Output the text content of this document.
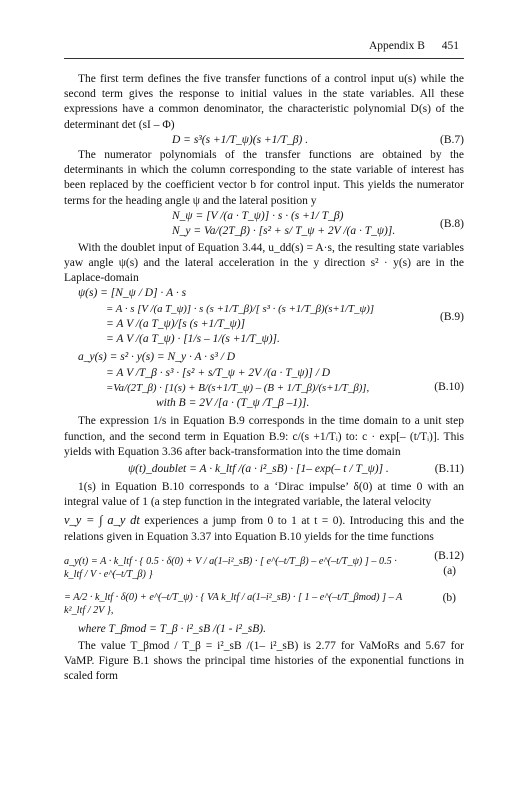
Appendix B 451

The first term defines the five transfer functions of a control input u(s) while the second term gives the response to initial values in the state variables. All these expressions have a common denominator, the characteristic polynomial D(s) of the determinant det (sI – Φ)

D = s³(s +1/T_ψ)(s +1/T_β) .	(B.7)

The numerator polynomials of the transfer functions are obtained by the determinants in which the column corresponding to the state variable of interest has been replaced by the coefficient vector b for control input. This yields the numerator terms for the heading angle ψ and the lateral position y

N_ψ = [V /(a · T_ψ)] · s · (s +1/ T_β)
N_y = Va/(2T_β) · [s² + s/ T_ψ + 2V /(a · T_ψ)].
(B.8)

With the doublet input of Equation 3.44, u_dd(s) = A·s, the resulting state variables yaw angle ψ(s) and the lateral acceleration in the y direction s² · y(s) are in the Laplace-domain

ψ(s) = [N_ψ / D] · A · s
= A · s [V /(a T_ψ)] · s (s +1/T_β)/[ s³ · (s +1/T_β)(s+1/T_ψ)]
= A V /(a T_ψ)/[s (s +1/T_ψ)]
= A V /(a T_ψ) · [1/s – 1/(s +1/T_ψ)].
(B.9)
a_y(s) = s² · y(s) = N_y · A · s³ / D
= A V /T_β · s³ · [s² + s/T_ψ + 2V /(a · T_ψ)] / D
=Va/(2T_β) · [1(s) + B/(s+1/T_ψ) – (B + 1/T_β)/(s+1/T_β)],
with B = 2V /[a · (T_ψ /T_β –1)].
(B.10)

The expression 1/s in Equation B.9 corresponds in the time domain to a unit step function, and the second term in Equation B.9: c/(s +1/Tᵢ) to: c · exp[– (t/Tᵢ)]. This yields with Equation 3.36 after back-transformation into the time domain

ψ(t)_doublet = A · k_ltf /(a · i²_sB) · [1– exp(– t / T_ψ)] .	(B.11)

1(s) in Equation B.10 corresponds to a ‘Dirac impulse’ δ(0) at time 0 with an integral value of 1 (a step function in the integrated variable, the lateral velocity

v_y = ∫ a_y dt experiences a jump from 0 to 1 at t = 0). Introducing this and the relations given in Equation 3.37 into Equation B.10 yields for the time functions

a_y(t) = A · k_ltf · { 0.5 · δ(0) + V / a(1–i²_sB) · [ e^(–t/T_β) – e^(–t/T_ψ) ] – 0.5 · k_ltf / V · e^(–t/T_β) }
(B.12)
(a)
= A/2 · k_ltf · δ(0) + e^(–t/T_ψ) · { VA k_ltf / a(1–i²_sB) · [ 1 – e^(–t/T_βmod) ] – A k²_ltf / 2V },
(b)
where T_βmod = T_β · i²_sB /(1 - i²_sB).

The value T_βmod / T_β = i²_sB /(1– i²_sB) is 2.77 for VaMoRs and 5.67 for VaMP. Figure B.1 shows the principal time histories of the exponential functions in scaled form
